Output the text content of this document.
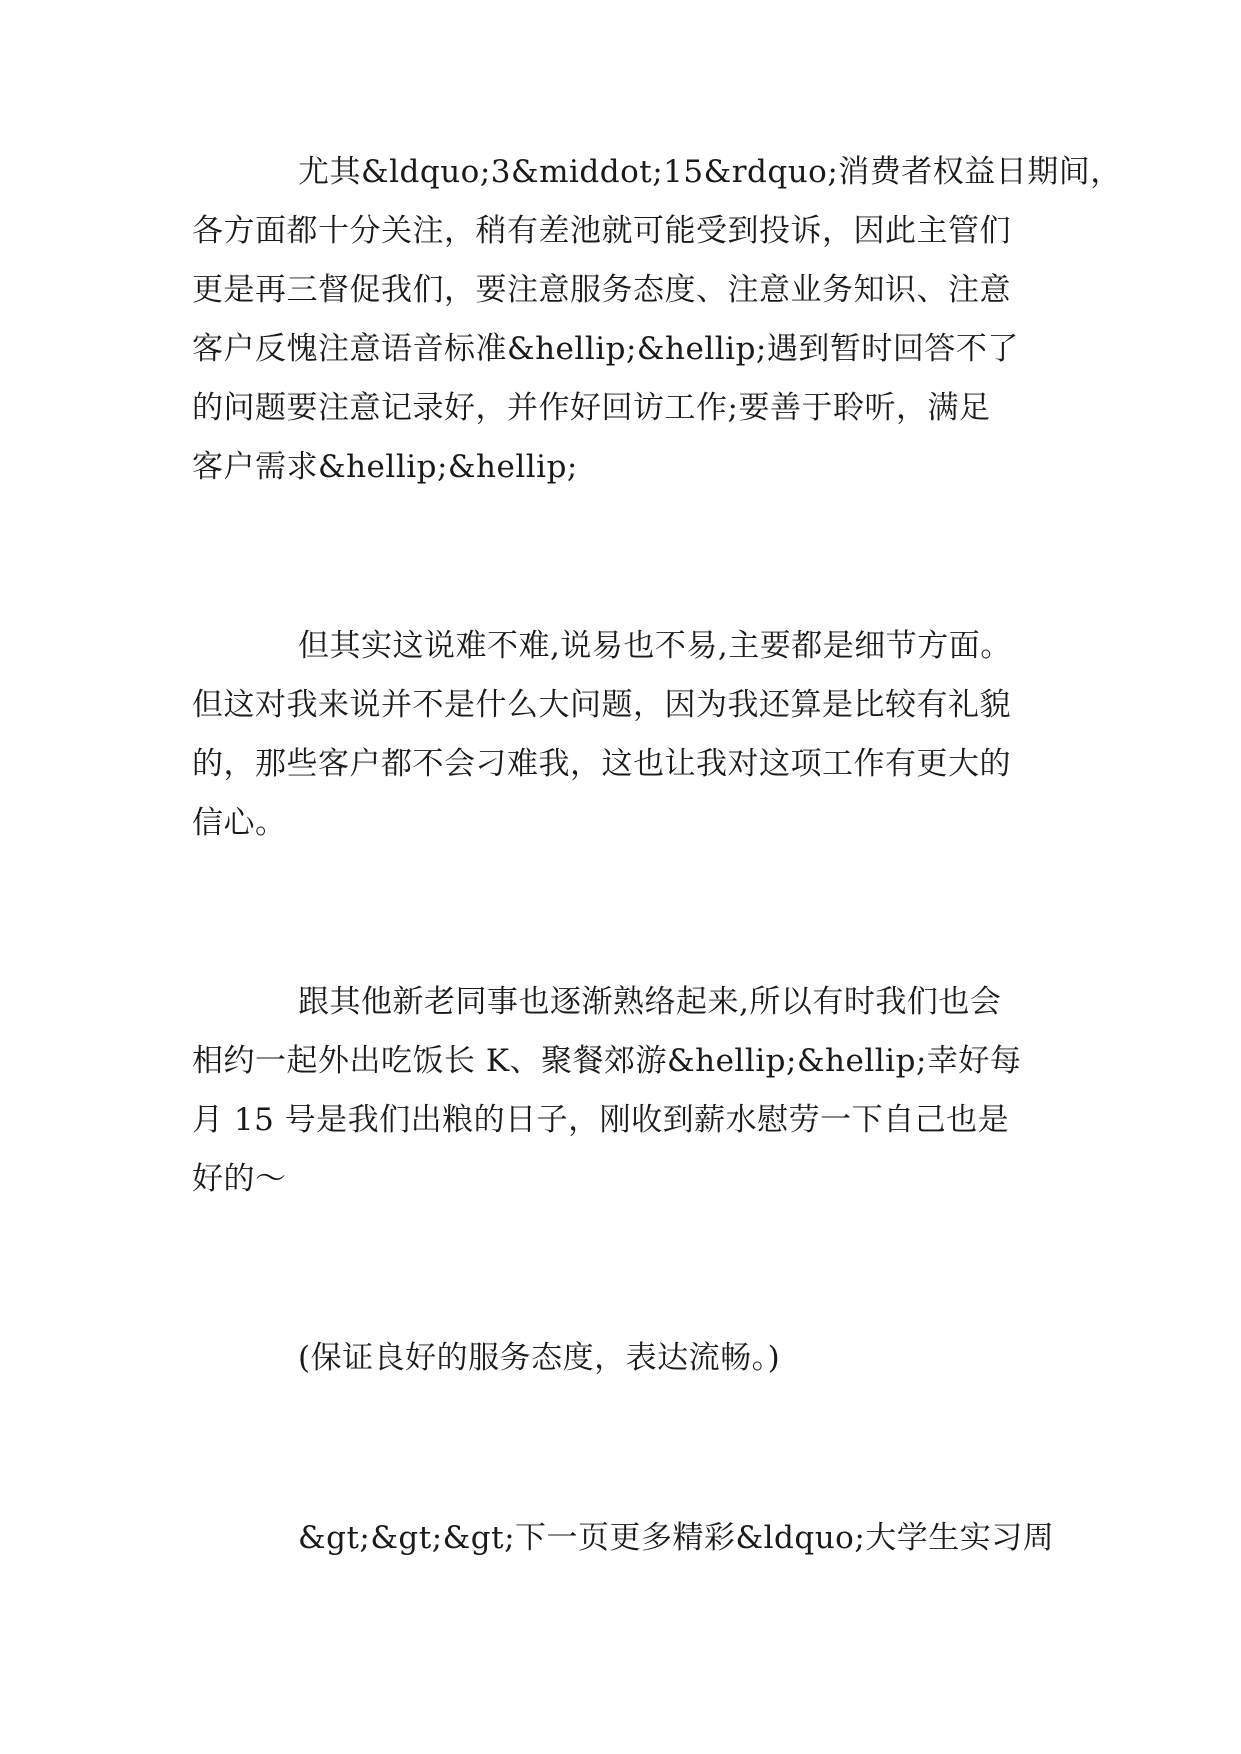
尤其&ldquo;3&middot;15&rdquo;消费者权益日期间，

各方面都十分关注，稍有差池就可能受到投诉，因此主管们

更是再三督促我们，要注意服务态度、注意业务知识、注意

客户反愧注意语音标准&hellip;&hellip;遇到暂时回答不了

的问题要注意记录好，并作好回访工作;要善于聆听，满足

客户需求&hellip;&hellip;

但其实这说难不难,说易也不易,主要都是细节方面。

但这对我来说并不是什么大问题，因为我还算是比较有礼貌

的，那些客户都不会刁难我，这也让我对这项工作有更大的

信心。

跟其他新老同事也逐渐熟络起来,所以有时我们也会

相约一起外出吃饭长 K、聚餐郊游&hellip;&hellip;幸好每

月 15 号是我们出粮的日子，刚收到薪水慰劳一下自己也是

好的～

(保证良好的服务态度，表达流畅。)

&gt;&gt;&gt;下一页更多精彩&ldquo;大学生实习周
